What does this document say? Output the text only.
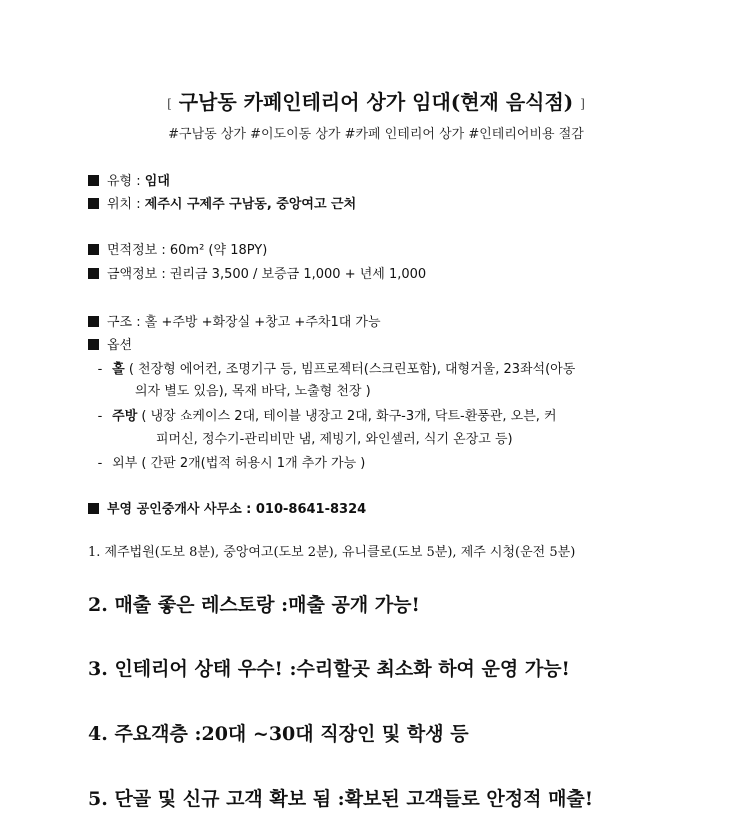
[ 구남동 카페인테리어 상가 임대(현재 음식점) ]
#구남동 상가 #이도이동 상가 #카페 인테리어 상가 #인테리어비용 절감
유형 : 임대
위치 : 제주시 구제주 구남동, 중앙여고 근처
면적정보 : 60m² (약 18PY)
금액정보 : 권리금 3,500 / 보증금 1,000 + 년세 1,000
구조 : 홀 +주방 +화장실 +창고 +주차1대 가능
옵션
- 홀 ( 천장형 에어컨, 조명기구 등, 빔프로젝터(스크린포함), 대형거울, 23좌석(아동
의자 별도 있음), 목재 바닥, 노출형 천장 )
- 주방 ( 냉장 쇼케이스 2대, 테이블 냉장고 2대, 화구-3개, 닥트-환풍관, 오븐, 커
피머신, 정수기-관리비만 냄, 제빙기, 와인셀러, 식기 온장고 등)
- 외부 ( 간판 2개(법적 허용시 1개 추가 가능 )
부영 공인중개사 사무소 : 010-8641-8324
1. 제주법원(도보 8분), 중앙여고(도보 2분), 유니클로(도보 5분), 제주 시청(운전 5분)
2. 매출 좋은 레스토랑 :매출 공개 가능!
3. 인테리어 상태 우수! :수리할곳 최소화 하여 운영 가능!
4. 주요객층 :20대 ~30대 직장인 및 학생 등
5. 단골 및 신규 고객 확보 됨 :확보된 고객들로 안정적 매출!
